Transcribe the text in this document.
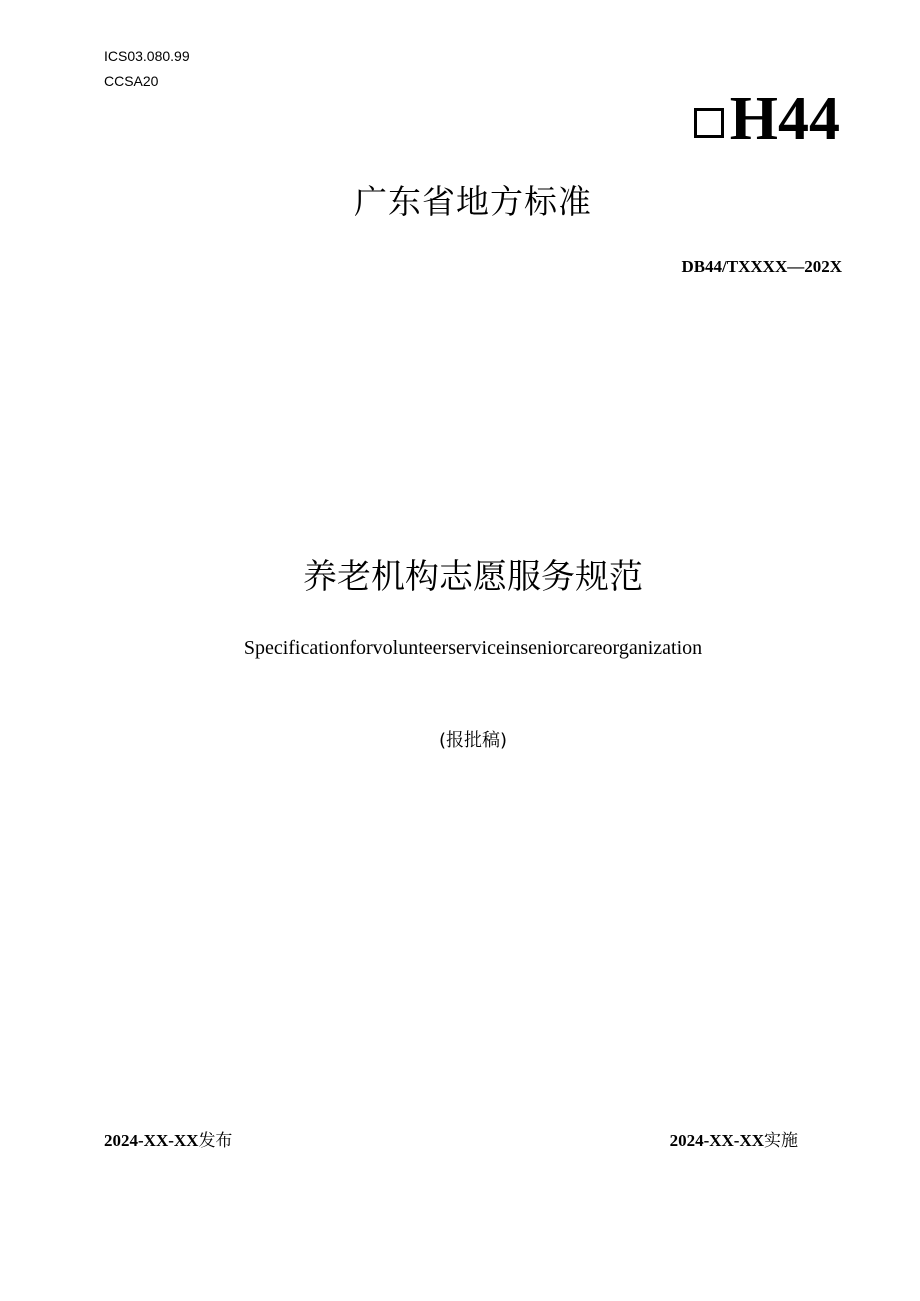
ICS03.080.99
CCSA20
H44
广东省地方标准
DB44/TXXXX—202X
养老机构志愿服务规范
Specificationforvolunteerserviceinseniorcareorganization
(报批稿)
2024-XX-XX发布	2024-XX-XX实施
